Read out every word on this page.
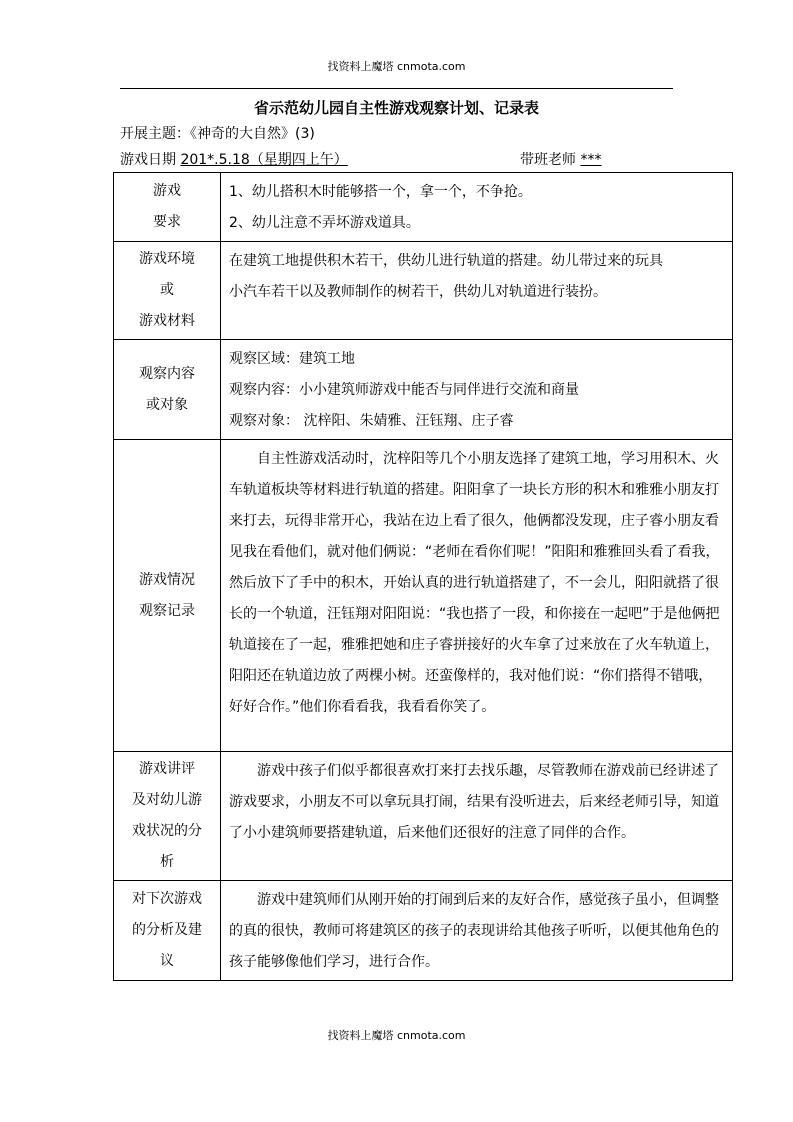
找资料上魔塔 cnmota.com
省示范幼儿园自主性游戏观察计划、记录表
开展主题：《神奇的大自然》(3)
游戏日期 201*.5.18（星期四上午）	带班老师 ***
游戏
要求	1、幼儿搭积木时能够搭一个，拿一个，不争抢。
2、幼儿注意不弄坏游戏道具。

游戏环境
或
游戏材料	在建筑工地提供积木若干，供幼儿进行轨道的搭建。幼儿带过来的玩具
小汽车若干以及教师制作的树若干，供幼儿对轨道进行装扮。

观察内容
或对象	观察区域：建筑工地
观察内容：小小建筑师游戏中能否与同伴进行交流和商量
观察对象： 沈梓阳、朱婧雅、汪钰翔、庄子睿

游戏情况
观察记录	自主性游戏活动时，沈梓阳等几个小朋友选择了建筑工地，学习用积木、火车轨道板块等材料进行轨道的搭建。阳阳拿了一块长方形的积木和雅雅小朋友打来打去，玩得非常开心，我站在边上看了很久，他俩都没发现，庄子睿小朋友看见我在看他们，就对他们俩说：“老师在看你们呢！”阳阳和雅雅回头看了看我，然后放下了手中的积木，开始认真的进行轨道搭建了，不一会儿，阳阳就搭了很长的一个轨道，汪钰翔对阳阳说：“我也搭了一段，和你接在一起吧”于是他俩把轨道接在了一起，雅雅把她和庄子睿拼接好的火车拿了过来放在了火车轨道上，阳阳还在轨道边放了两棵小树。还蛮像样的，我对他们说：“你们搭得不错哦，好好合作。”他们你看看我，我看看你笑了。

游戏讲评
及对幼儿游
戏状况的分
析	游戏中孩子们似乎都很喜欢打来打去找乐趣，尽管教师在游戏前已经讲述了游戏要求，小朋友不可以拿玩具打闹，结果有没听进去，后来经老师引导，知道了小小建筑师要搭建轨道，后来他们还很好的注意了同伴的合作。

对下次游戏
的分析及建
议	游戏中建筑师们从刚开始的打闹到后来的友好合作，感觉孩子虽小，但调整的真的很快，教师可将建筑区的孩子的表现讲给其他孩子听听，以便其他角色的孩子能够像他们学习，进行合作。

找资料上魔塔 cnmota.com
